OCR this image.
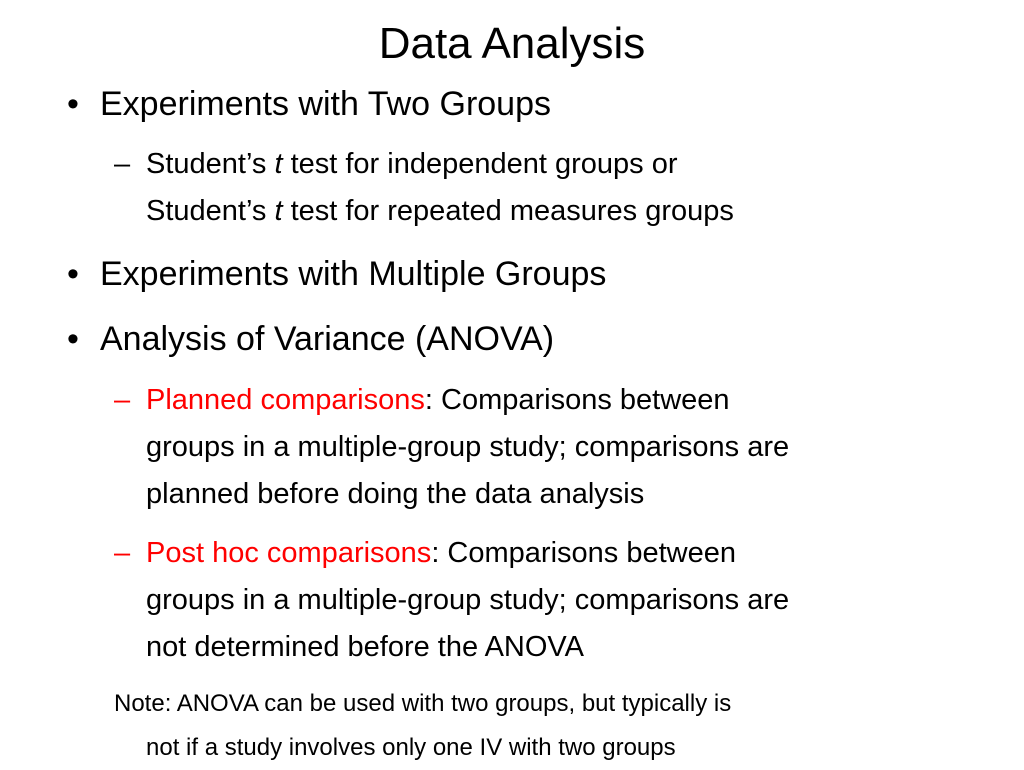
Data Analysis
• Experiments with Two Groups
– Student’s t test for independent groups or
Student’s t test for repeated measures groups
• Experiments with Multiple Groups
• Analysis of Variance (ANOVA)
– Planned comparisons: Comparisons between
groups in a multiple-group study; comparisons are
planned before doing the data analysis
– Post hoc comparisons: Comparisons between
groups in a multiple-group study; comparisons are
not determined before the ANOVA
Note: ANOVA can be used with two groups, but typically is
not if a study involves only one IV with two groups
